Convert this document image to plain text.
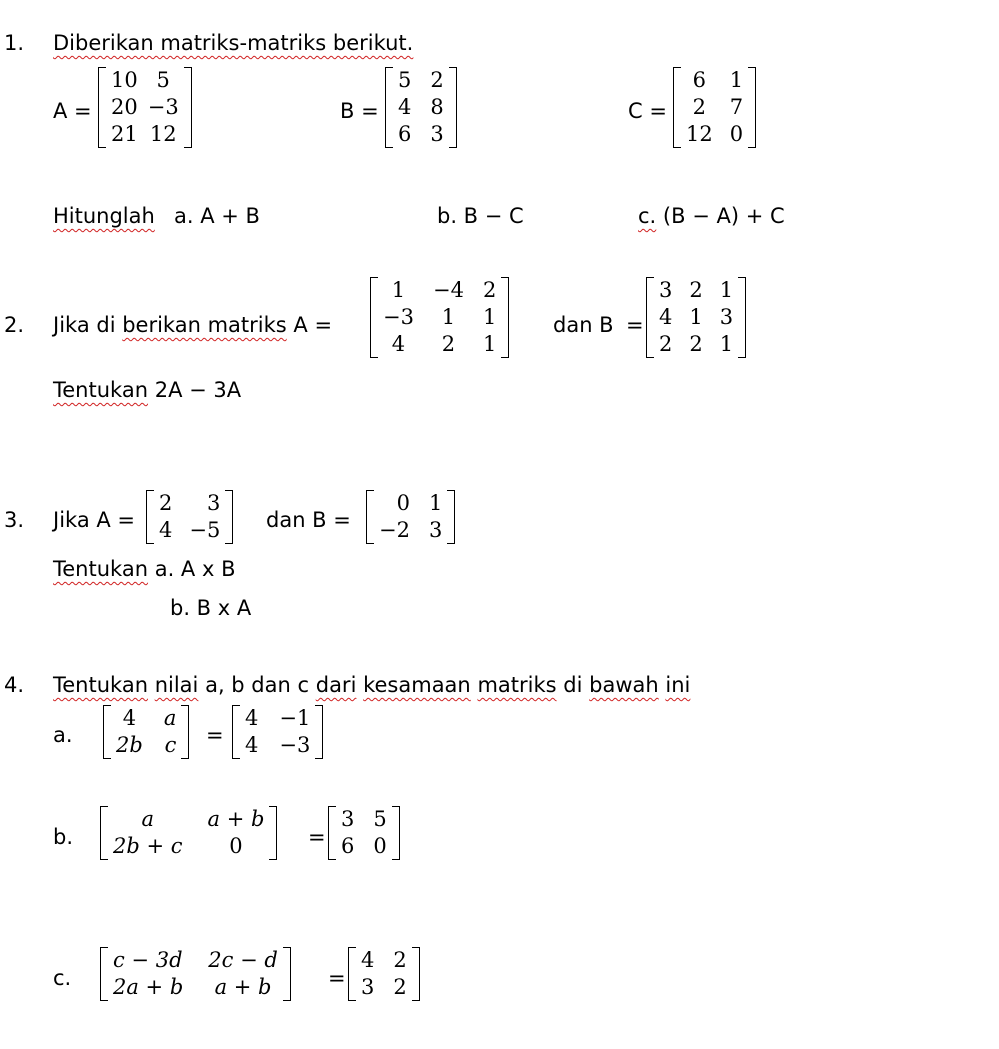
1. Diberikan matriks-matriks berikut.
A =
10	5
20	−3
21	12
B =
5	2
4	8
6	3
C =
6	1
2	7
12	0
Hitunglah a. A + B	b. B − C	c. (B − A) + C
2. Jika di berikan matriks A =
1	−4	2
−3	1	1
4	2	1
dan B =
3	2	1
4	1	3
2	2	1
Tentukan 2A − 3A
3. Jika A =
2	3
4	−5 dan B =
0	1
−2	3
Tentukan a. A x B
b. B x A
4. Tentukan nilai a, b dan c dari kesamaan matriks di bawah ini
a.
4	a
2b	c =
4	−1
4	−3
b.
a	a + b
2b + c	0	=
3	5
6	0
c.
c − 3d	2c − d
2a + b	a + b	=
4	2
3	2
